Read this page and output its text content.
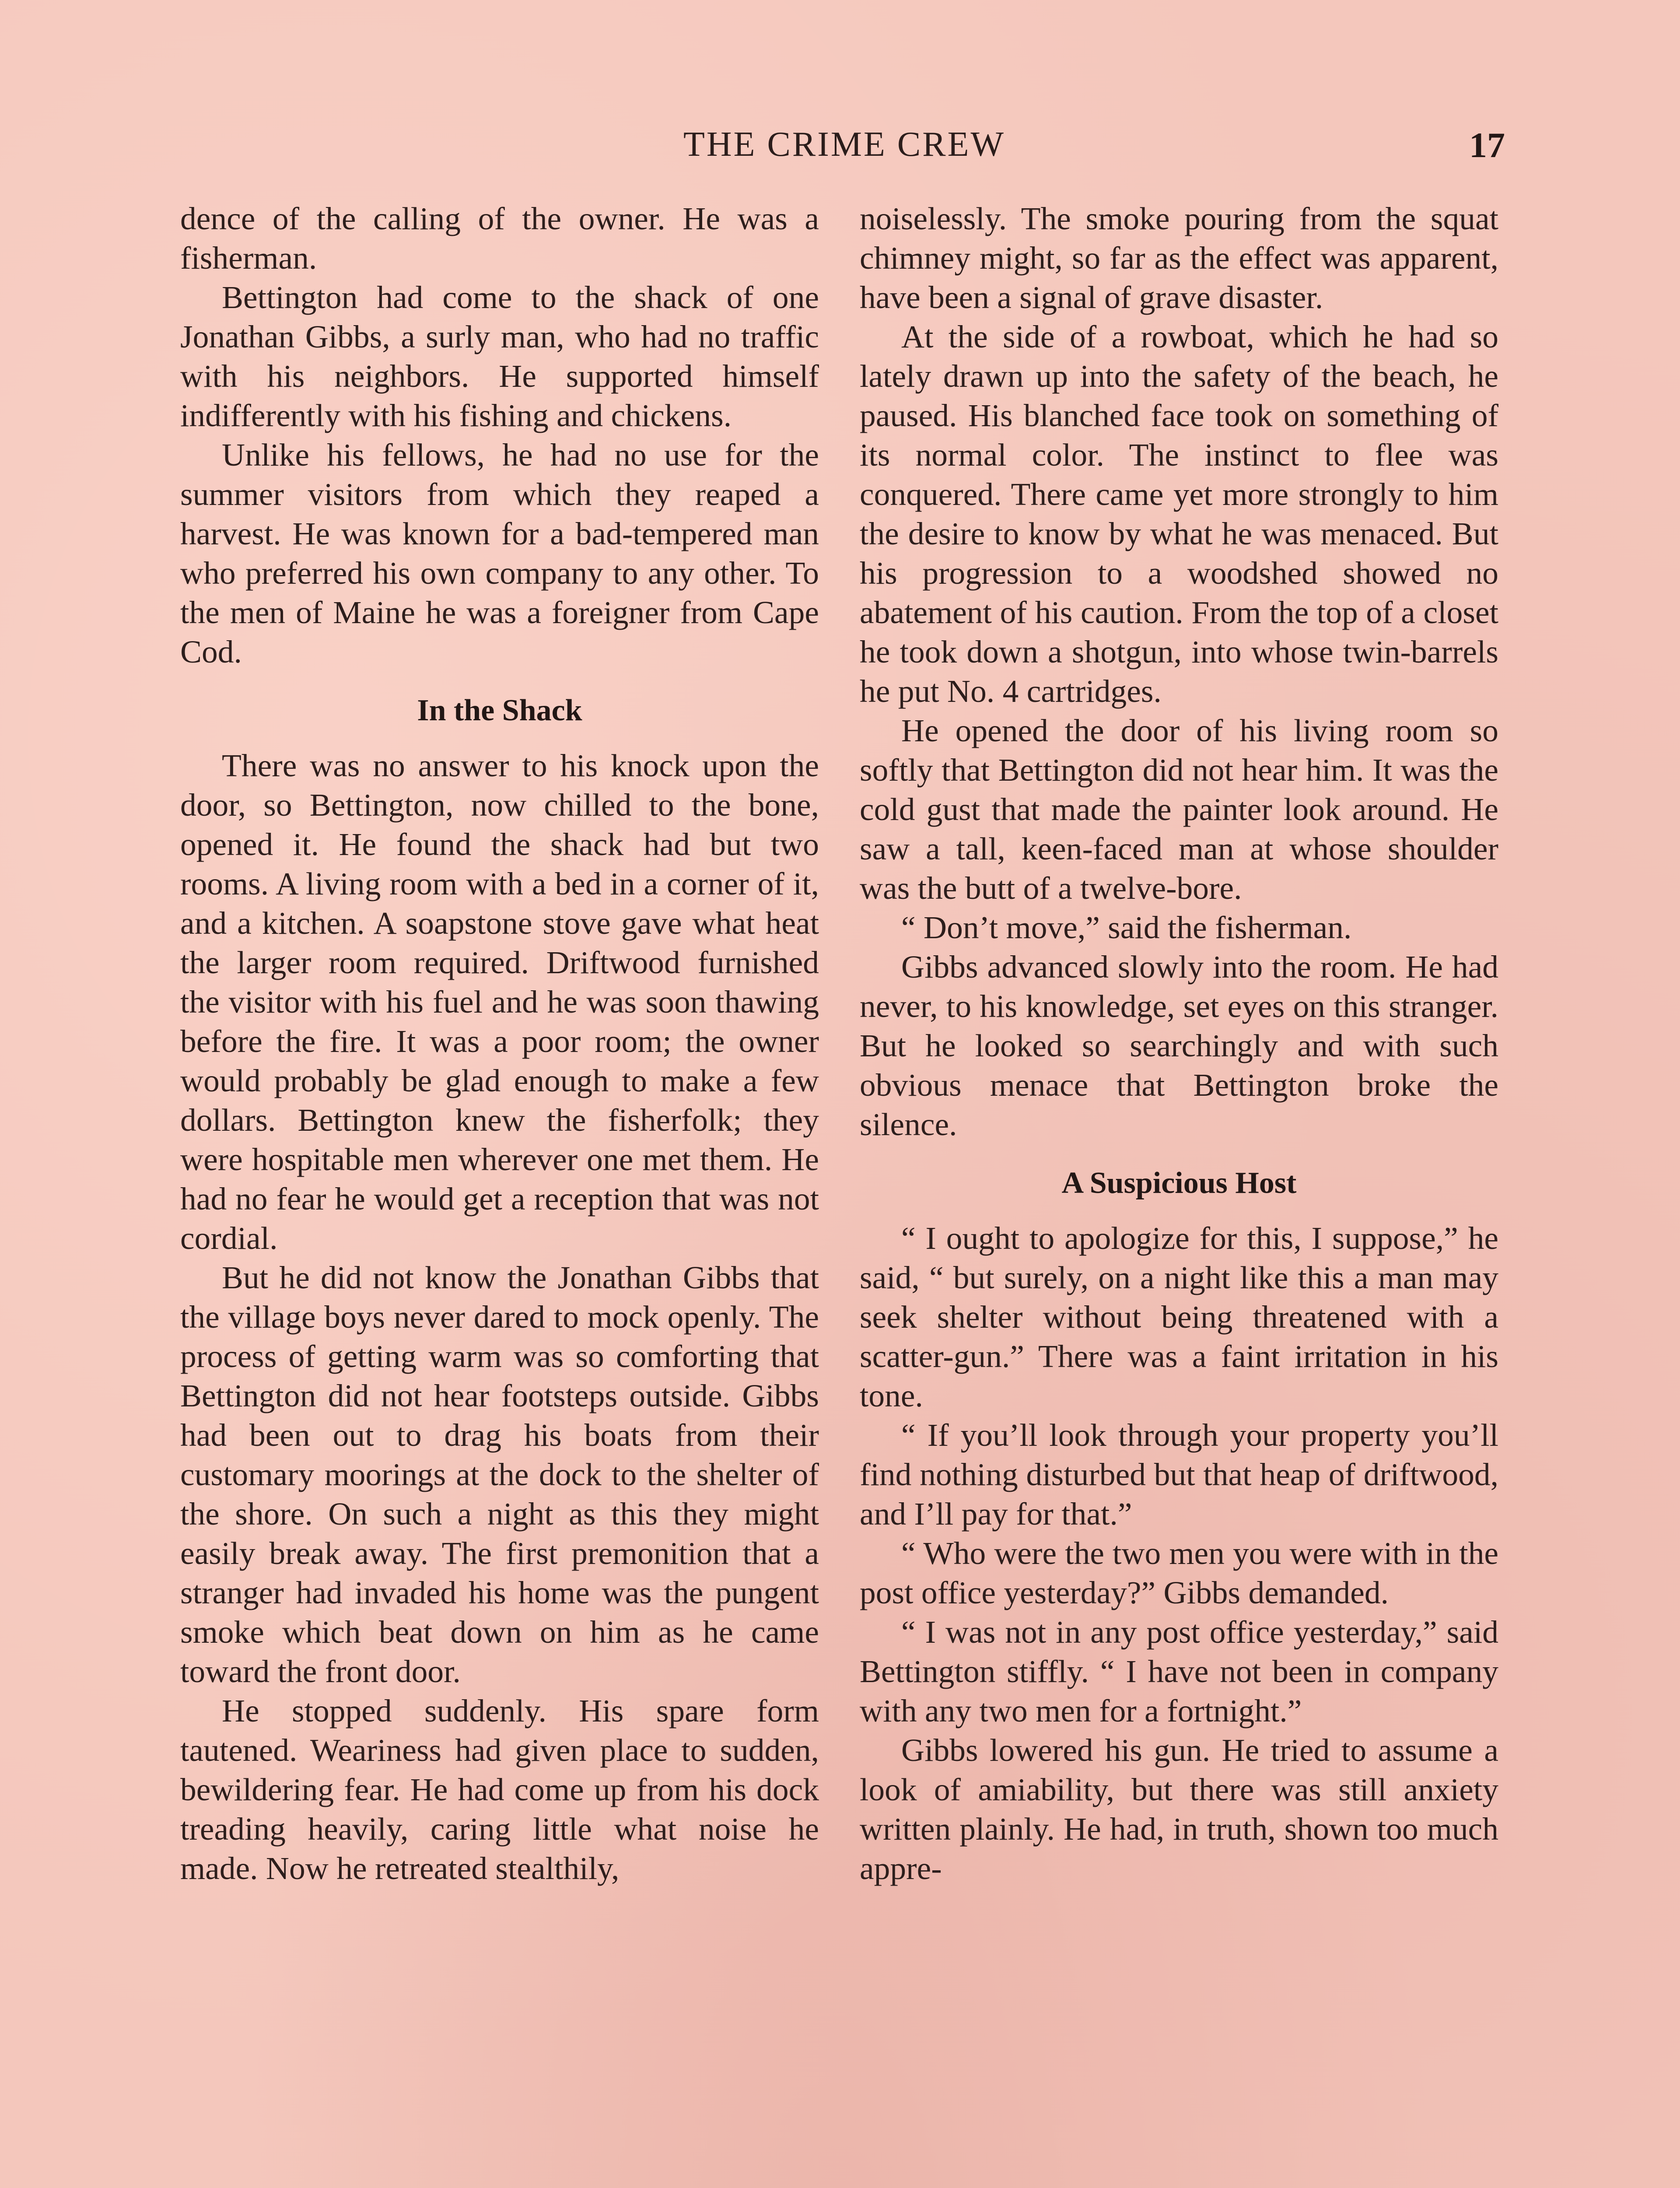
THE CRIME CREW	17

dence of the calling of the owner. He was a fisherman.

Bettington had come to the shack of one Jonathan Gibbs, a surly man, who had no traffic with his neighbors. He supported himself indifferently with his fishing and chickens.

Unlike his fellows, he had no use for the summer visitors from which they reaped a harvest. He was known for a bad-tempered man who preferred his own company to any other. To the men of Maine he was a foreigner from Cape Cod.

In the Shack

There was no answer to his knock upon the door, so Bettington, now chilled to the bone, opened it. He found the shack had but two rooms. A living room with a bed in a corner of it, and a kitchen. A soapstone stove gave what heat the larger room required. Driftwood furnished the visitor with his fuel and he was soon thawing before the fire. It was a poor room; the owner would probably be glad enough to make a few dollars. Bettington knew the fisherfolk; they were hospitable men wherever one met them. He had no fear he would get a reception that was not cordial.

But he did not know the Jonathan Gibbs that the village boys never dared to mock openly. The process of getting warm was so comforting that Bettington did not hear footsteps outside. Gibbs had been out to drag his boats from their customary moorings at the dock to the shelter of the shore. On such a night as this they might easily break away. The first premonition that a stranger had invaded his home was the pungent smoke which beat down on him as he came toward the front door.

He stopped suddenly. His spare form tautened. Weariness had given place to sudden, bewildering fear. He had come up from his dock treading heavily, caring little what noise he made. Now he retreated stealthily,

noiselessly. The smoke pouring from the squat chimney might, so far as the effect was apparent, have been a signal of grave disaster.

At the side of a rowboat, which he had so lately drawn up into the safety of the beach, he paused. His blanched face took on something of its normal color. The instinct to flee was conquered. There came yet more strongly to him the desire to know by what he was menaced. But his progression to a woodshed showed no abatement of his caution. From the top of a closet he took down a shotgun, into whose twin-barrels he put No. 4 cartridges.

He opened the door of his living room so softly that Bettington did not hear him. It was the cold gust that made the painter look around. He saw a tall, keen-faced man at whose shoulder was the butt of a twelve-bore.

“ Don’t move,” said the fisherman.

Gibbs advanced slowly into the room. He had never, to his knowledge, set eyes on this stranger. But he looked so searchingly and with such obvious menace that Bettington broke the silence.

A Suspicious Host

“ I ought to apologize for this, I suppose,” he said, “ but surely, on a night like this a man may seek shelter without being threatened with a scatter-gun.” There was a faint irritation in his tone.

“ If you’ll look through your property you’ll find nothing disturbed but that heap of driftwood, and I’ll pay for that.”

“ Who were the two men you were with in the post office yesterday?” Gibbs demanded.

“ I was not in any post office yesterday,” said Bettington stiffly. “ I have not been in company with any two men for a fortnight.”

Gibbs lowered his gun. He tried to assume a look of amiability, but there was still anxiety written plainly. He had, in truth, shown too much appre-
